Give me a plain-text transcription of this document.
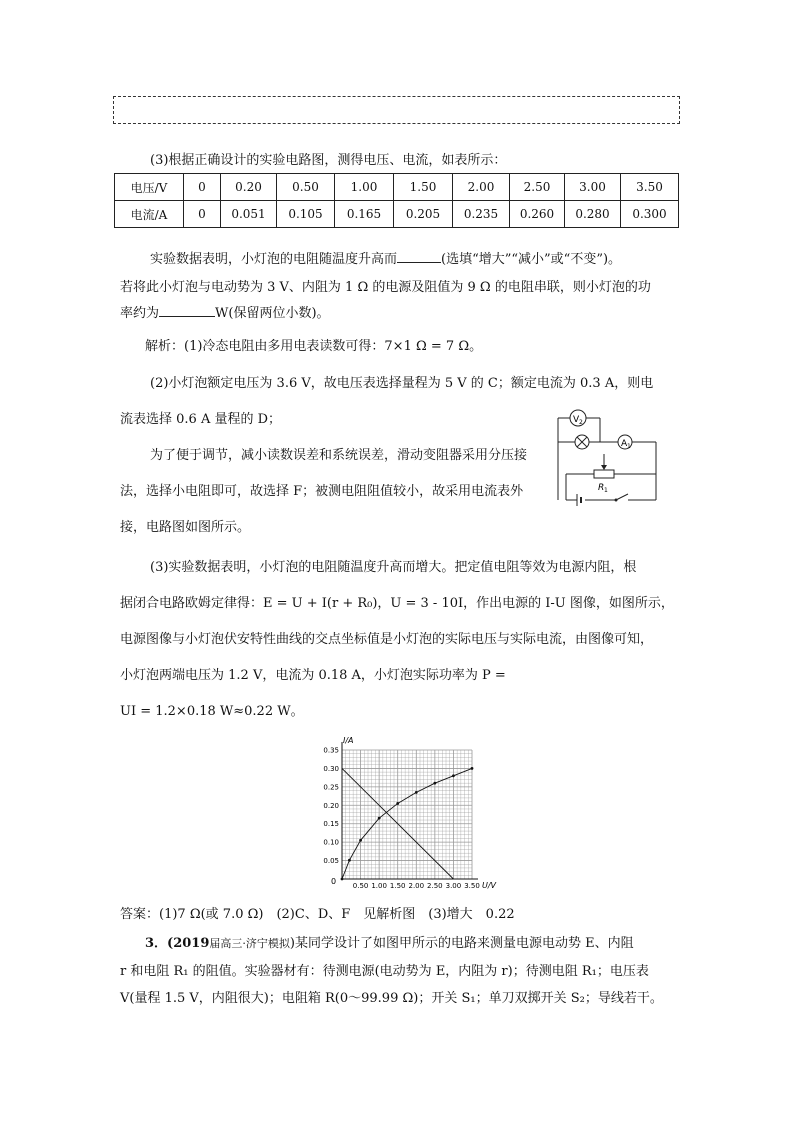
(3)根据正确设计的实验电路图，测得电压、电流，如表所示：
电压/V	0	0.20	0.50	1.00	1.50	2.00	2.50	3.00	3.50
电流/A	0	0.051	0.105	0.165	0.205	0.235	0.260	0.280	0.300
实验数据表明，小灯泡的电阻随温度升高而	(选填“增大”“减小”或“不变”)。
若将此小灯泡与电动势为 3 V、内阻为 1 Ω 的电源及阻值为 9 Ω 的电阻串联，则小灯泡的功
率约为	W(保留两位小数)。
解析：(1)冷态电阻由多用电表读数可得：7×1 Ω = 7 Ω。
(2)小灯泡额定电压为 3.6 V，故电压表选择量程为 5 V 的 C；额定电流为 0.3 A，则电
流表选择 0.6 A 量程的 D；
为了便于调节，减小读数误差和系统误差，滑动变阻器采用分压接
法，选择小电阻即可，故选择 F；被测电阻阻值较小，故采用电流表外
接，电路图如图所示。
V 2
A 1
R 1
(3)实验数据表明，小灯泡的电阻随温度升高而增大。把定值电阻等效为电源内阻，根
据闭合电路欧姆定律得：E = U + I(r + R₀)，U = 3 - 10I，作出电源的 I-U 图像，如图所示，
电源图像与小灯泡伏安特性曲线的交点坐标值是小灯泡的实际电压与实际电流，由图像可知，
小灯泡两端电压为 1.2 V，电流为 0.18 A，小灯泡实际功率为 P =
UI = 1.2×0.18 W≈0.22 W。
0.50 1.00 1.50 2.00 2.50 3.00 3.50
0.35
0.30
0.25
0.20
0.15
0.10
0.05
I/A
U/V
0
答案：(1)7 Ω(或 7.0 Ω)　(2)C、D、F　见解析图　(3)增大　0.22
3．(2019届高三·济宁模拟)某同学设计了如图甲所示的电路来测量电源电动势 E、内阻
r 和电阻 R₁ 的阻值。实验器材有：待测电源(电动势为 E，内阻为 r)；待测电阻 R₁；电压表
V(量程 1.5 V，内阻很大)；电阻箱 R(0～99.99 Ω)；开关 S₁；单刀双掷开关 S₂；导线若干。
